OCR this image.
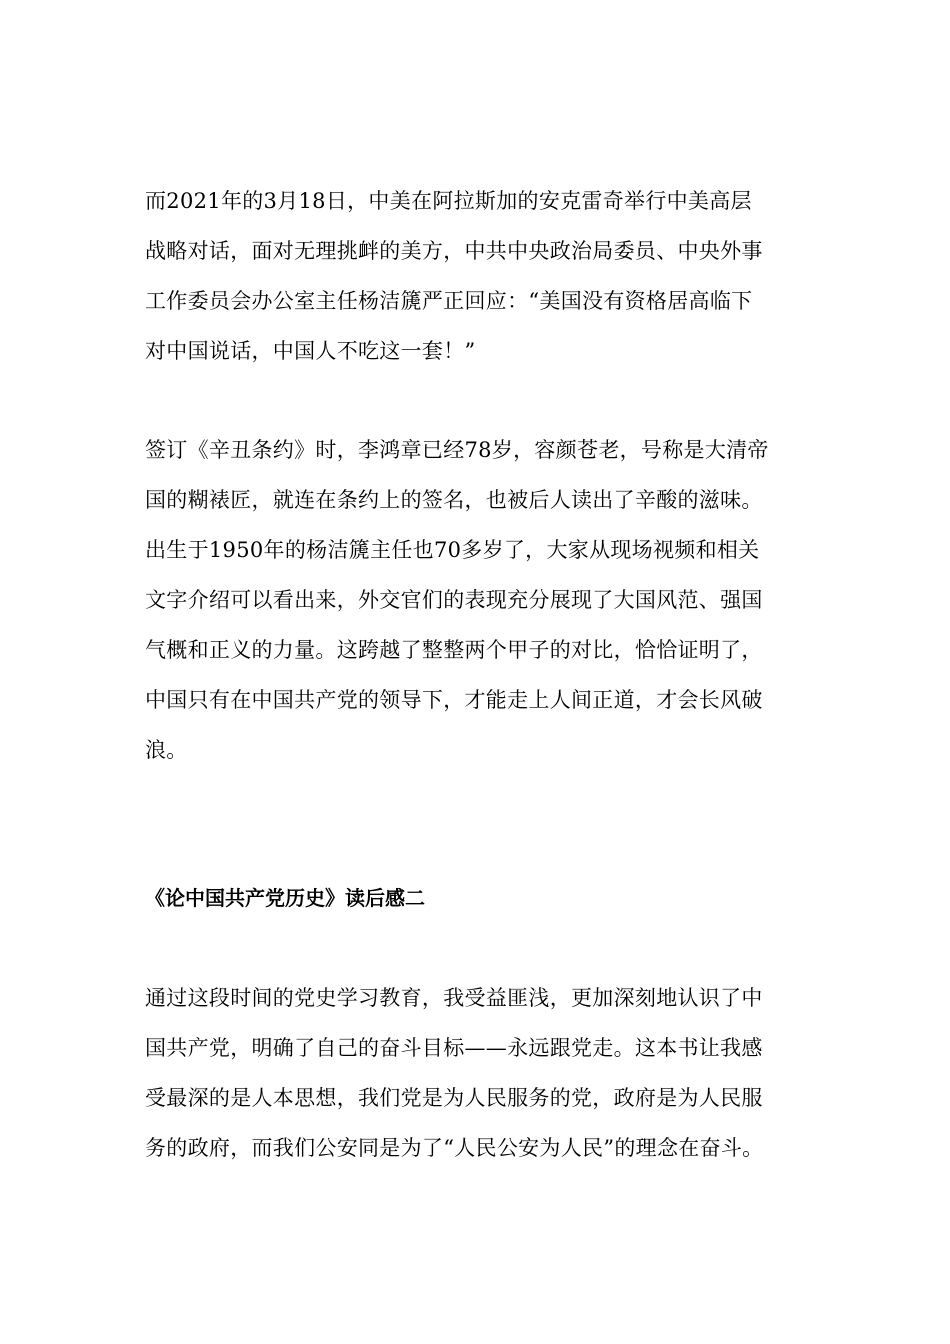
而2021年的3月18日，中美在阿拉斯加的安克雷奇举行中美高层
战略对话，面对无理挑衅的美方，中共中央政治局委员、中央外事
工作委员会办公室主任杨洁篪严正回应：“美国没有资格居高临下
对中国说话，中国人不吃这一套！”
签订《辛丑条约》时，李鸿章已经78岁，容颜苍老，号称是大清帝
国的糊裱匠，就连在条约上的签名，也被后人读出了辛酸的滋味。
出生于1950年的杨洁篪主任也70多岁了，大家从现场视频和相关
文字介绍可以看出来，外交官们的表现充分展现了大国风范、强国
气概和正义的力量。这跨越了整整两个甲子的对比，恰恰证明了，
中国只有在中国共产党的领导下，才能走上人间正道，才会长风破
浪。
《论中国共产党历史》读后感二
通过这段时间的党史学习教育，我受益匪浅，更加深刻地认识了中
国共产党，明确了自己的奋斗目标——永远跟党走。这本书让我感
受最深的是人本思想，我们党是为人民服务的党，政府是为人民服
务的政府，而我们公安同是为了“人民公安为人民”的理念在奋斗。
